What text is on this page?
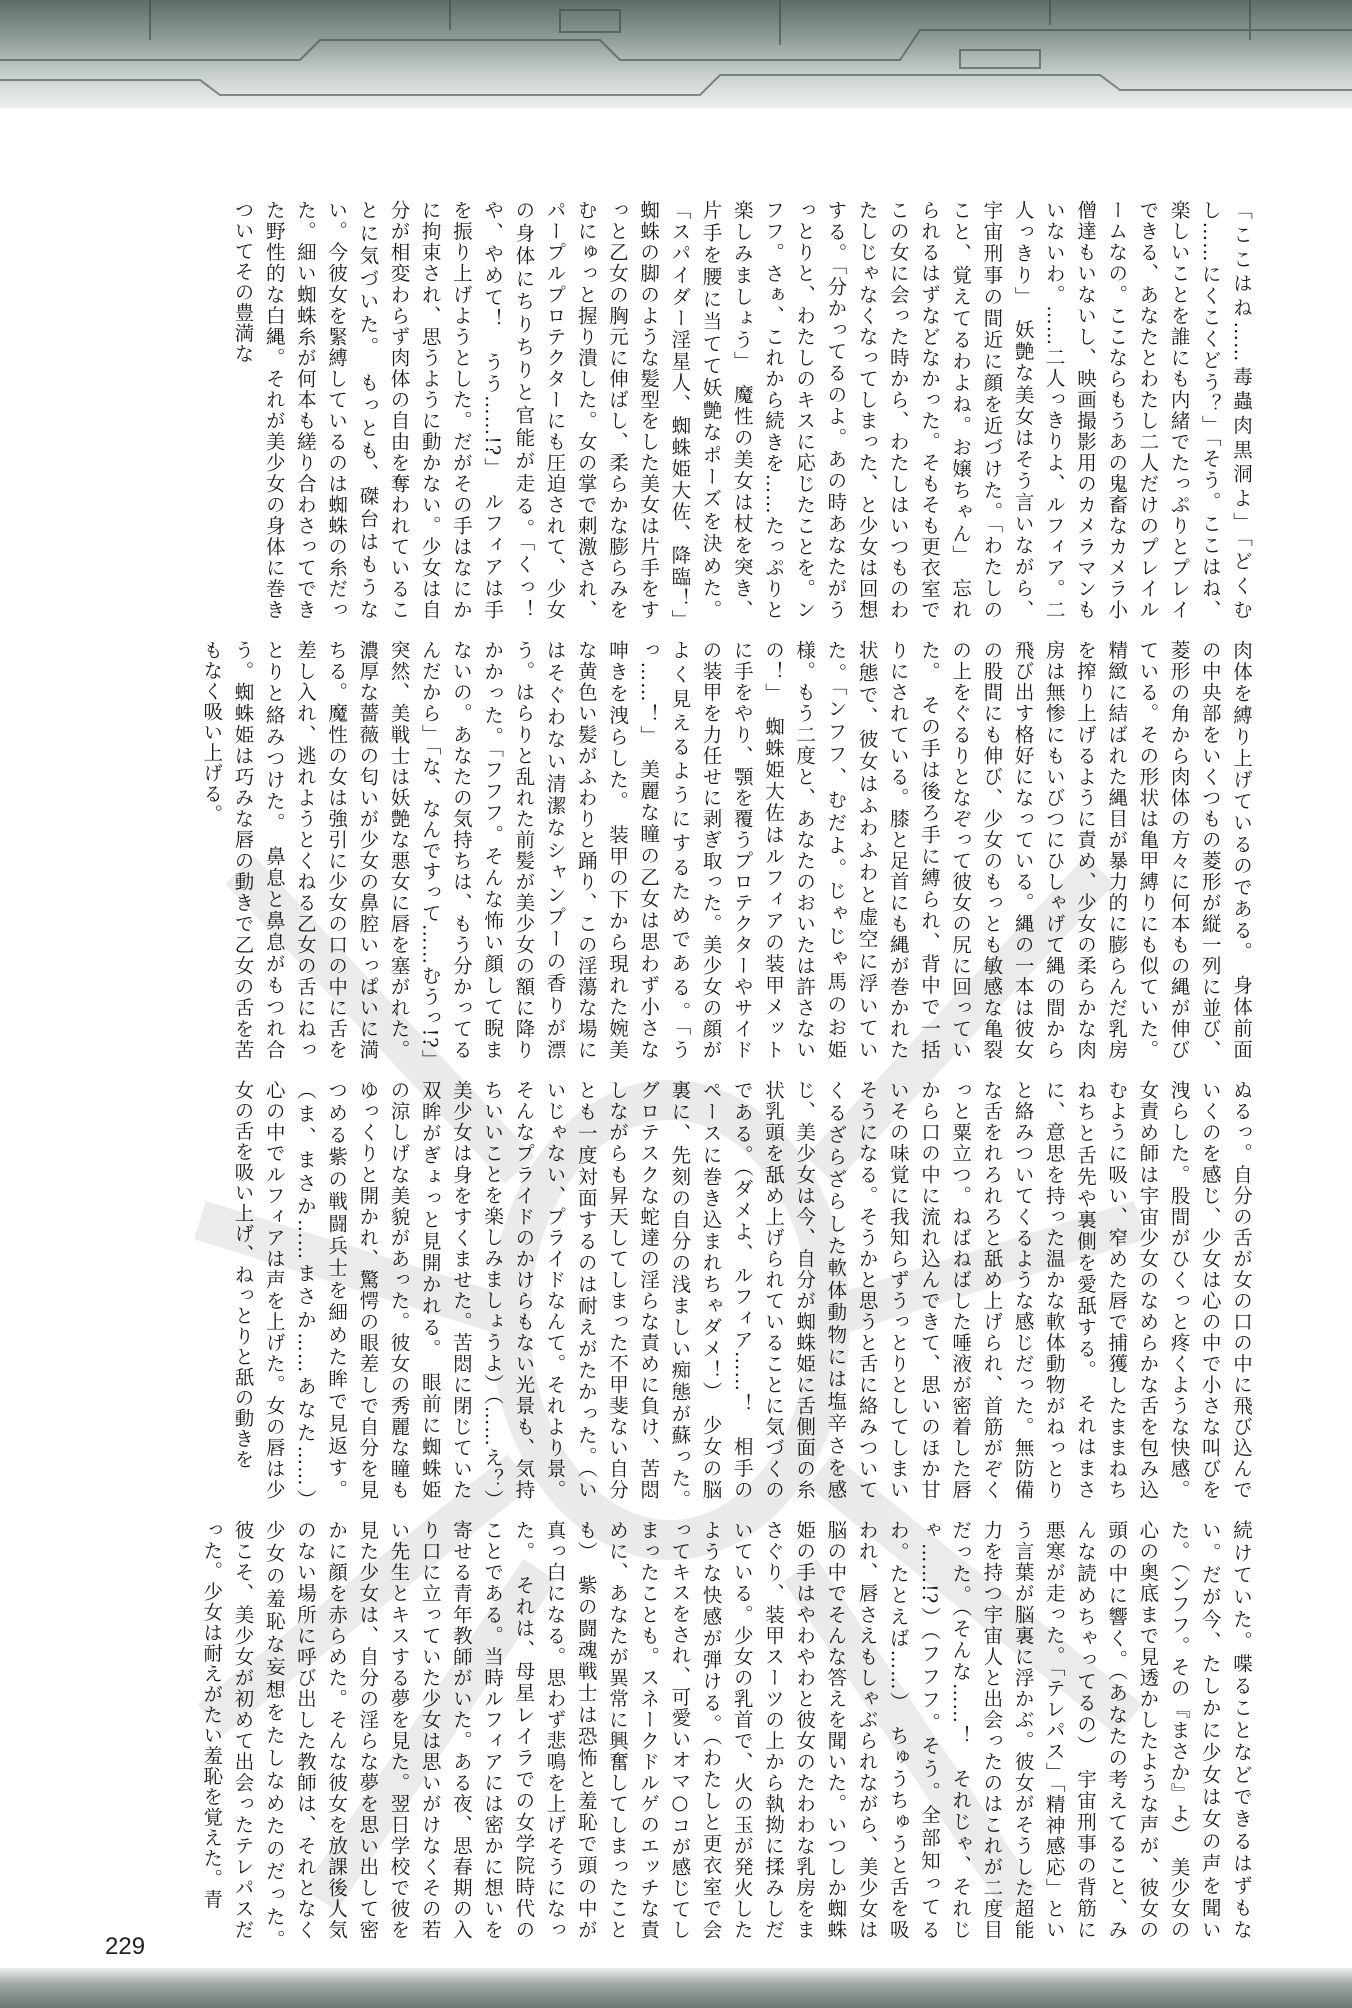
「ここはね……毒蟲肉黒洞よ」「どくむし……にくこくどう？」「そう。ここはね、楽しいことを誰にも内緒でたっぷりとプレイできる、あなたとわたし二人だけのプレイルームなの。ここならもうあの鬼畜なカメラ小僧達もいないし、映画撮影用のカメラマンもいないわ。……二人っきりよ、ルフィア。二人っきり」　妖艶な美女はそう言いながら、宇宙刑事の間近に顔を近づけた。「わたしのこと、覚えてるわよね。お嬢ちゃん」　忘れられるはずなどなかった。そもそも更衣室でこの女に会った時から、わたしはいつものわたしじゃなくなってしまった、と少女は回想する。「分かってるのよ。あの時あなたがうっとりと、わたしのキスに応じたことを。ンフフ。さぁ、これから続きを……たっぷりと楽しみましょう」　魔性の美女は杖を突き、片手を腰に当てて妖艶なポーズを決めた。「スパイダー淫星人、蜘蛛姫大佐、降臨！」　蜘蛛の脚のような髪型をした美女は片手をすっと乙女の胸元に伸ばし、柔らかな膨らみをむにゅっと握り潰した。女の掌で刺激され、パープルプロテクターにも圧迫されて、少女の身体にちりちりと官能が走る。「くっ！　や、やめて！　うう……!?」　ルフィアは手を振り上げようとした。だがその手はなにかに拘束され、思うように動かない。少女は自分が相変わらず肉体の自由を奪われていることに気づいた。　もっとも、磔台はもうない。今彼女を緊縛しているのは蜘蛛の糸だった。細い蜘蛛糸が何本も縒り合わさってできた野性的な白縄。それが美少女の身体に巻きついてその豊満な
肉体を縛り上げているのである。　身体前面の中央部をいくつもの菱形が縦一列に並び、菱形の角から肉体の方々に何本もの縄が伸びている。その形状は亀甲縛りにも似ていた。精緻に結ばれた縄目が暴力的に膨らんだ乳房を搾り上げるように責め、少女の柔らかな肉房は無惨にもいびつにひしゃげて縄の間から飛び出す格好になっている。縄の一本は彼女の股間にも伸び、少女のもっとも敏感な亀裂の上をぐるりとなぞって彼女の尻に回っていた。　その手は後ろ手に縛られ、背中で一括りにされている。膝と足首にも縄が巻かれた状態で、彼女はふわふわと虚空に浮いていた。「ンフフ、むだよ。じゃじゃ馬のお姫様。もう二度と、あなたのおいたは許さないの！」　蜘蛛姫大佐はルフィアの装甲メットに手をやり、顎を覆うプロテクターやサイドの装甲を力任せに剥ぎ取った。美少女の顔がよく見えるようにするためである。「うっ……！」　美麗な瞳の乙女は思わず小さな呻きを洩らした。　装甲の下から現れた婉美な黄色い髪がふわりと踊り、この淫蕩な場にはそぐわない清潔なシャンプーの香りが漂う。はらりと乱れた前髪が美少女の額に降りかかった。「フフフ。そんな怖い顔して睨まないの。あなたの気持ちは、もう分かってるんだから」「な、なんですって……むうっ!?」　突然、美戦士は妖艶な悪女に唇を塞がれた。濃厚な薔薇の匂いが少女の鼻腔いっぱいに満ちる。魔性の女は強引に少女の口の中に舌を差し入れ、逃れようとくねる乙女の舌にねっとりと絡みつけた。　鼻息と鼻息がもつれ合う。蜘蛛姫は巧みな唇の動きで乙女の舌を苦もなく吸い上げる。
ぬるっ。自分の舌が女の口の中に飛び込んでいくのを感じ、少女は心の中で小さな叫びを洩らした。股間がひくっと疼くような快感。女責め師は宇宙少女のなめらかな舌を包み込むように吸い、窄めた唇で捕獲したままねちねちと舌先や裏側を愛舐する。　それはまさに、意思を持った温かな軟体動物がねっとりと絡みついてくるような感じだった。無防備な舌をれろれろと舐め上げられ、首筋がぞくっと粟立つ。ねばねばした唾液が密着した唇から口の中に流れ込んできて、思いのほか甘いその味覚に我知らずうっとりとしてしまいそうになる。そうかと思うと舌に絡みついてくるざらざらした軟体動物には塩辛さを感じ、美少女は今、自分が蜘蛛姫に舌側面の糸状乳頭を舐め上げられていることに気づくのである。（ダメよ、ルフィア……！　相手のペースに巻き込まれちゃダメ！）　少女の脳裏に、先刻の自分の浅ましい痴態が蘇った。　グロテスクな蛇達の淫らな責めに負け、苦悶しながらも昇天してしまった不甲斐ない自分とも一度対面するのは耐えがたかった。（いいじゃない、プライドなんて。それより景。そんなプライドのかけらもない光景も、気持ちいいことを楽しみましょうよ）（……え？）　美少女は身をすくませた。苦悶に閉じていた双眸がぎょっと見開かれる。　眼前に蜘蛛姫の涼しげな美貌があった。彼女の秀麗な瞳もゆっくりと開かれ、驚愕の眼差しで自分を見つめる紫の戦闘兵士を細めた眸で見返す。（ま、まさか……まさか……あなた……）　心の中でルフィアは声を上げた。女の唇は少女の舌を吸い上げ、ねっとりと舐の動きを
続けていた。喋ることなどできるはずもない。だが今、たしかに少女は女の声を聞いた。（ンフフ。その『まさか』よ）　美少女の心の奥底まで見透かしたような声が、彼女の頭の中に響く。（あなたの考えてること、みんな読めちゃってるの）　宇宙刑事の背筋に悪寒が走った。「テレパス」「精神感応」という言葉が脳裏に浮かぶ。彼女がそうした超能力を持つ宇宙人と出会ったのはこれが二度目だった。（そんな……！　それじゃ、それじゃ……!?）（フフフ。そう。全部知ってるわ。たとえば……）　ちゅうちゅうと舌を吸われ、唇さえもしゃぶられながら、美少女は脳の中でそんな答えを聞いた。いつしか蜘蛛姫の手はやわやわと彼女のたわわな乳房をまさぐり、装甲スーツの上から執拗に揉みしだいている。少女の乳首で、火の玉が発火したような快感が弾ける。（わたしと更衣室で会ってキスをされ、可愛いオマ○コが感じてしまったことも。スネークドルゲのエッチな責めに、あなたが異常に興奮してしまったことも）　紫の闘魂戦士は恐怖と羞恥で頭の中が真っ白になる。思わず悲鳴を上げそうになった。　それは、母星レイラでの女学院時代のことである。当時ルフィアには密かに想いを寄せる青年教師がいた。ある夜、思春期の入り口に立っていた少女は思いがけなくその若い先生とキスする夢を見た。翌日学校で彼を見た少女は、自分の淫らな夢を思い出して密かに顔を赤らめた。そんな彼女を放課後人気のない場所に呼び出した教師は、それとなく少女の羞恥な妄想をたしなめたのだった。　彼こそ、美少女が初めて出会ったテレパスだった。少女は耐えがたい羞恥を覚えた。青
229
